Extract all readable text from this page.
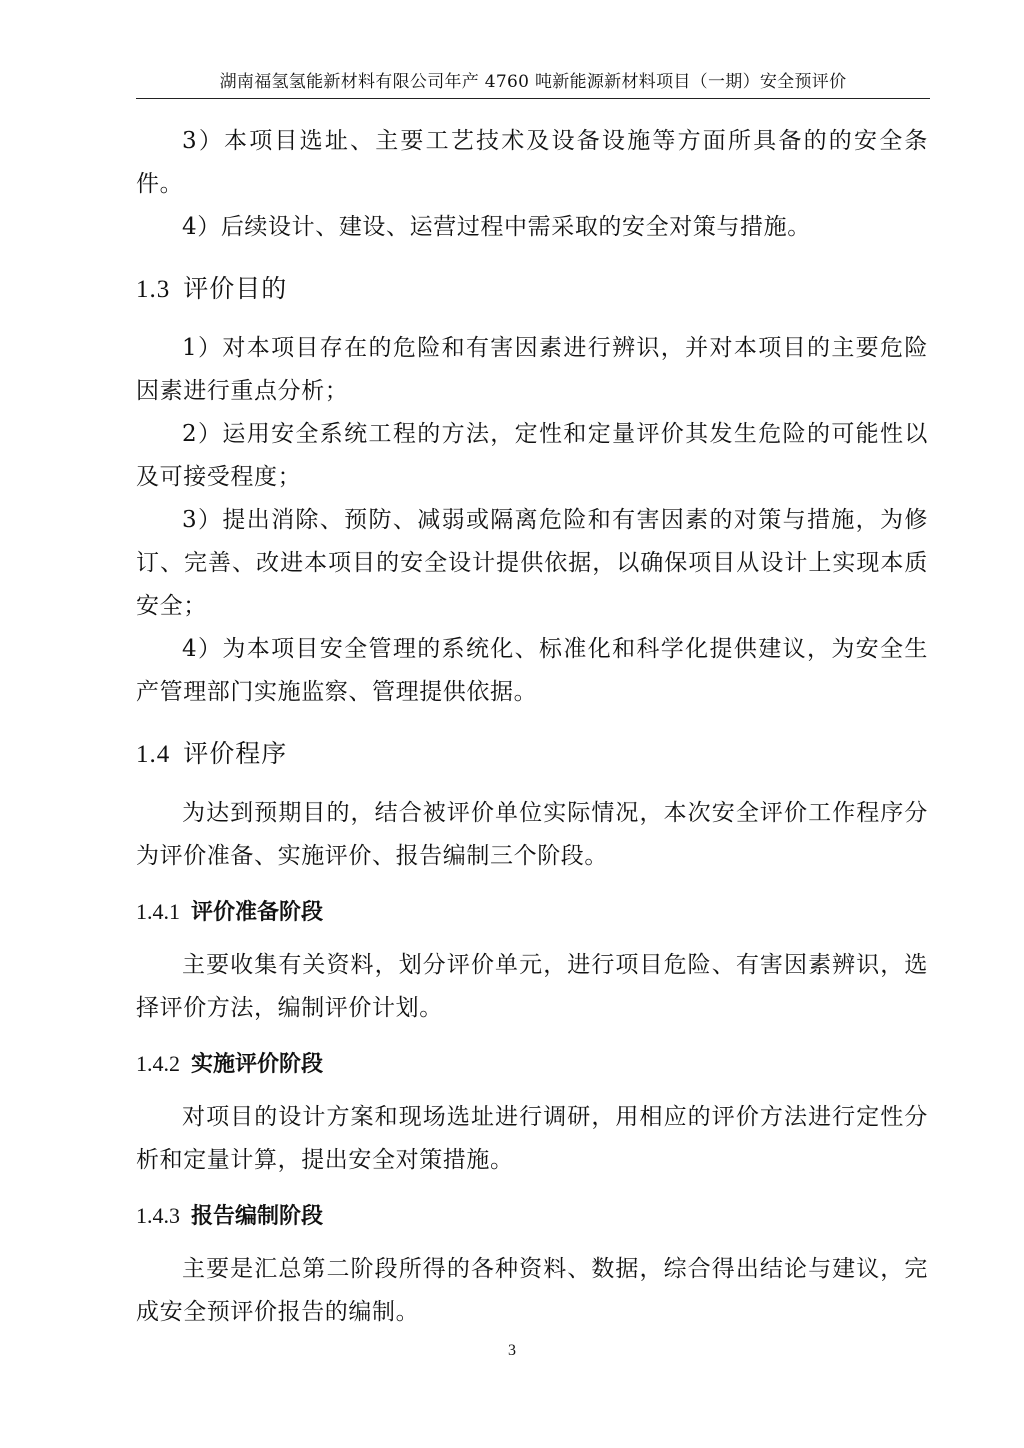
湖南福氢氢能新材料有限公司年产 4760 吨新能源新材料项目（一期）安全预评价

3）本项目选址、主要工艺技术及设备设施等方面所具备的的安全条件。

4）后续设计、建设、运营过程中需采取的安全对策与措施。

1.3 评价目的

1）对本项目存在的危险和有害因素进行辨识，并对本项目的主要危险因素进行重点分析；

2）运用安全系统工程的方法，定性和定量评价其发生危险的可能性以及可接受程度；

3）提出消除、预防、减弱或隔离危险和有害因素的对策与措施，为修订、完善、改进本项目的安全设计提供依据，以确保项目从设计上实现本质安全；

4）为本项目安全管理的系统化、标准化和科学化提供建议，为安全生产管理部门实施监察、管理提供依据。

1.4 评价程序

为达到预期目的，结合被评价单位实际情况，本次安全评价工作程序分为评价准备、实施评价、报告编制三个阶段。

1.4.1 评价准备阶段

主要收集有关资料，划分评价单元，进行项目危险、有害因素辨识，选择评价方法，编制评价计划。

1.4.2 实施评价阶段

对项目的设计方案和现场选址进行调研，用相应的评价方法进行定性分析和定量计算，提出安全对策措施。

1.4.3 报告编制阶段

主要是汇总第二阶段所得的各种资料、数据，综合得出结论与建议，完成安全预评价报告的编制。

3
